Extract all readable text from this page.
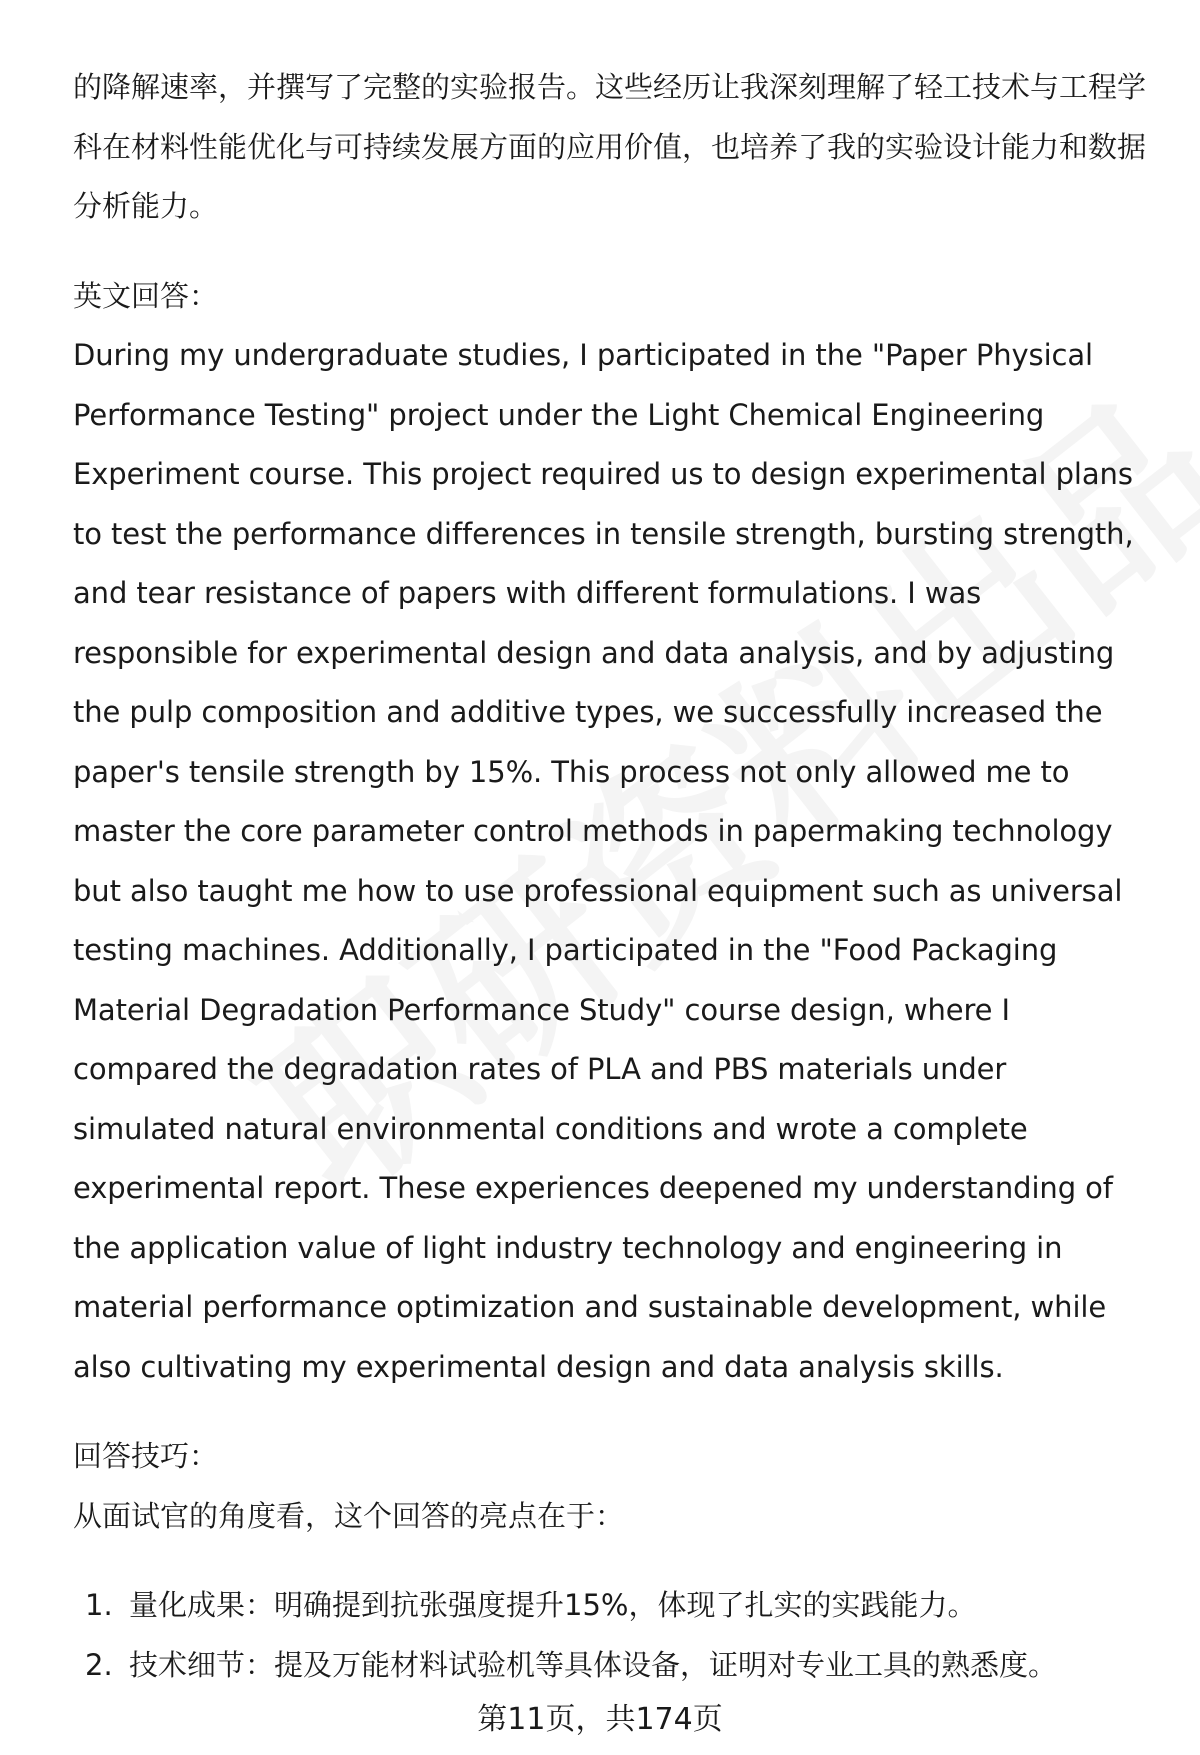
的降解速率，并撰写了完整的实验报告。这些经历让我深刻理解了轻工技术与工程学科在材料性能优化与可持续发展方面的应用价值，也培养了我的实验设计能力和数据分析能力。

英文回答：

During my undergraduate studies, I participated in the "Paper Physical Performance Testing" project under the Light Chemical Engineering Experiment course. This project required us to design experimental plans to test the performance differences in tensile strength, bursting strength, and tear resistance of papers with different formulations. I was responsible for experimental design and data analysis, and by adjusting the pulp composition and additive types, we successfully increased the paper's tensile strength by 15%. This process not only allowed me to master the core parameter control methods in papermaking technology but also taught me how to use professional equipment such as universal testing machines. Additionally, I participated in the "Food Packaging Material Degradation Performance Study" course design, where I compared the degradation rates of PLA and PBS materials under simulated natural environmental conditions and wrote a complete experimental report. These experiences deepened my understanding of the application value of light industry technology and engineering in material performance optimization and sustainable development, while also cultivating my experimental design and data analysis skills.

回答技巧：

从面试官的角度看，这个回答的亮点在于：

1. 量化成果：明确提到抗张强度提升15%，体现了扎实的实践能力。
2. 技术细节：提及万能材料试验机等具体设备，证明对专业工具的熟悉度。
第11页，共174页
